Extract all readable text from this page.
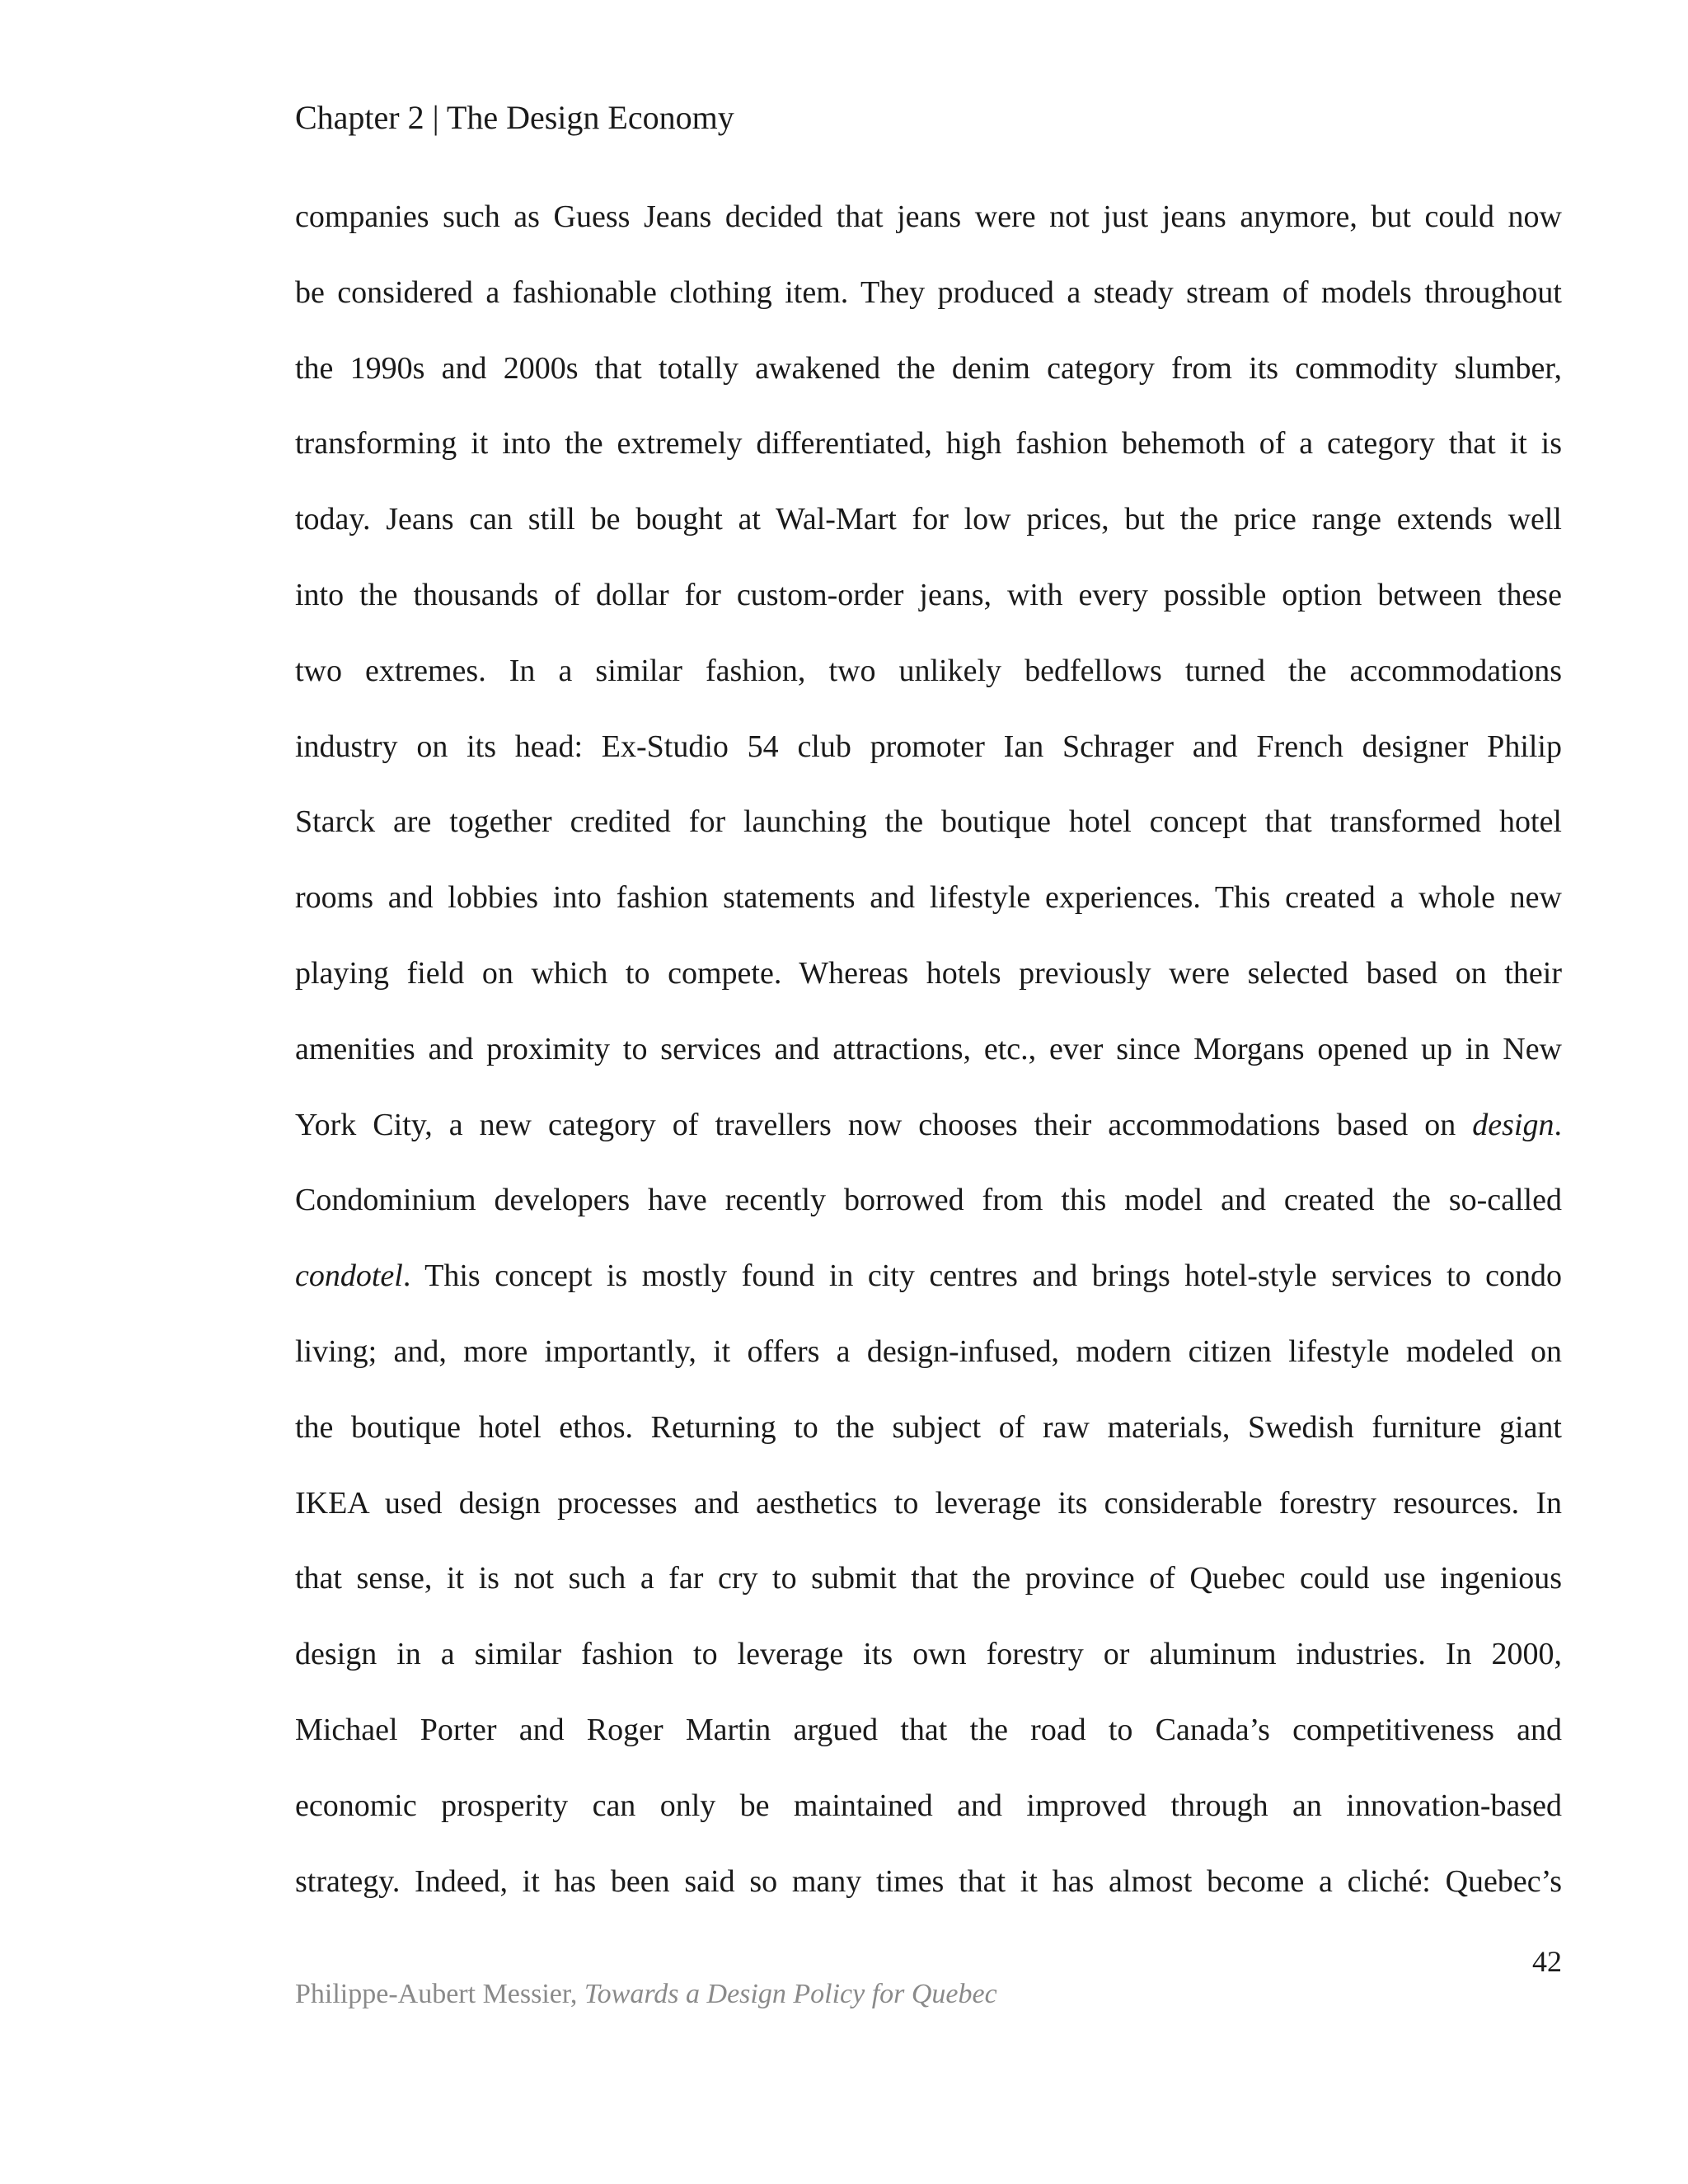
Chapter 2 | The Design Economy
companies such as Guess Jeans decided that jeans were not just jeans anymore, but could now
be considered a fashionable clothing item. They produced a steady stream of models throughout
the 1990s and 2000s that totally awakened the denim category from its commodity slumber,
transforming it into the extremely differentiated, high fashion behemoth of a category that it is
today. Jeans can still be bought at Wal-Mart for low prices, but the price range extends well
into the thousands of dollar for custom-order jeans, with every possible option between these
two extremes. In a similar fashion, two unlikely bedfellows turned the accommodations
industry on its head: Ex-Studio 54 club promoter Ian Schrager and French designer Philip
Starck are together credited for launching the boutique hotel concept that transformed hotel
rooms and lobbies into fashion statements and lifestyle experiences. This created a whole new
playing field on which to compete. Whereas hotels previously were selected based on their
amenities and proximity to services and attractions, etc., ever since Morgans opened up in New
York City, a new category of travellers now chooses their accommodations based on design.
Condominium developers have recently borrowed from this model and created the so-called
condotel. This concept is mostly found in city centres and brings hotel-style services to condo
living; and, more importantly, it offers a design-infused, modern citizen lifestyle modeled on
the boutique hotel ethos. Returning to the subject of raw materials, Swedish furniture giant
IKEA used design processes and aesthetics to leverage its considerable forestry resources. In
that sense, it is not such a far cry to submit that the province of Quebec could use ingenious
design in a similar fashion to leverage its own forestry or aluminum industries. In 2000,
Michael Porter and Roger Martin argued that the road to Canada’s competitiveness and
economic prosperity can only be maintained and improved through an innovation-based
strategy. Indeed, it has been said so many times that it has almost become a cliché: Quebec’s
42
Philippe-Aubert Messier, Towards a Design Policy for Quebec
